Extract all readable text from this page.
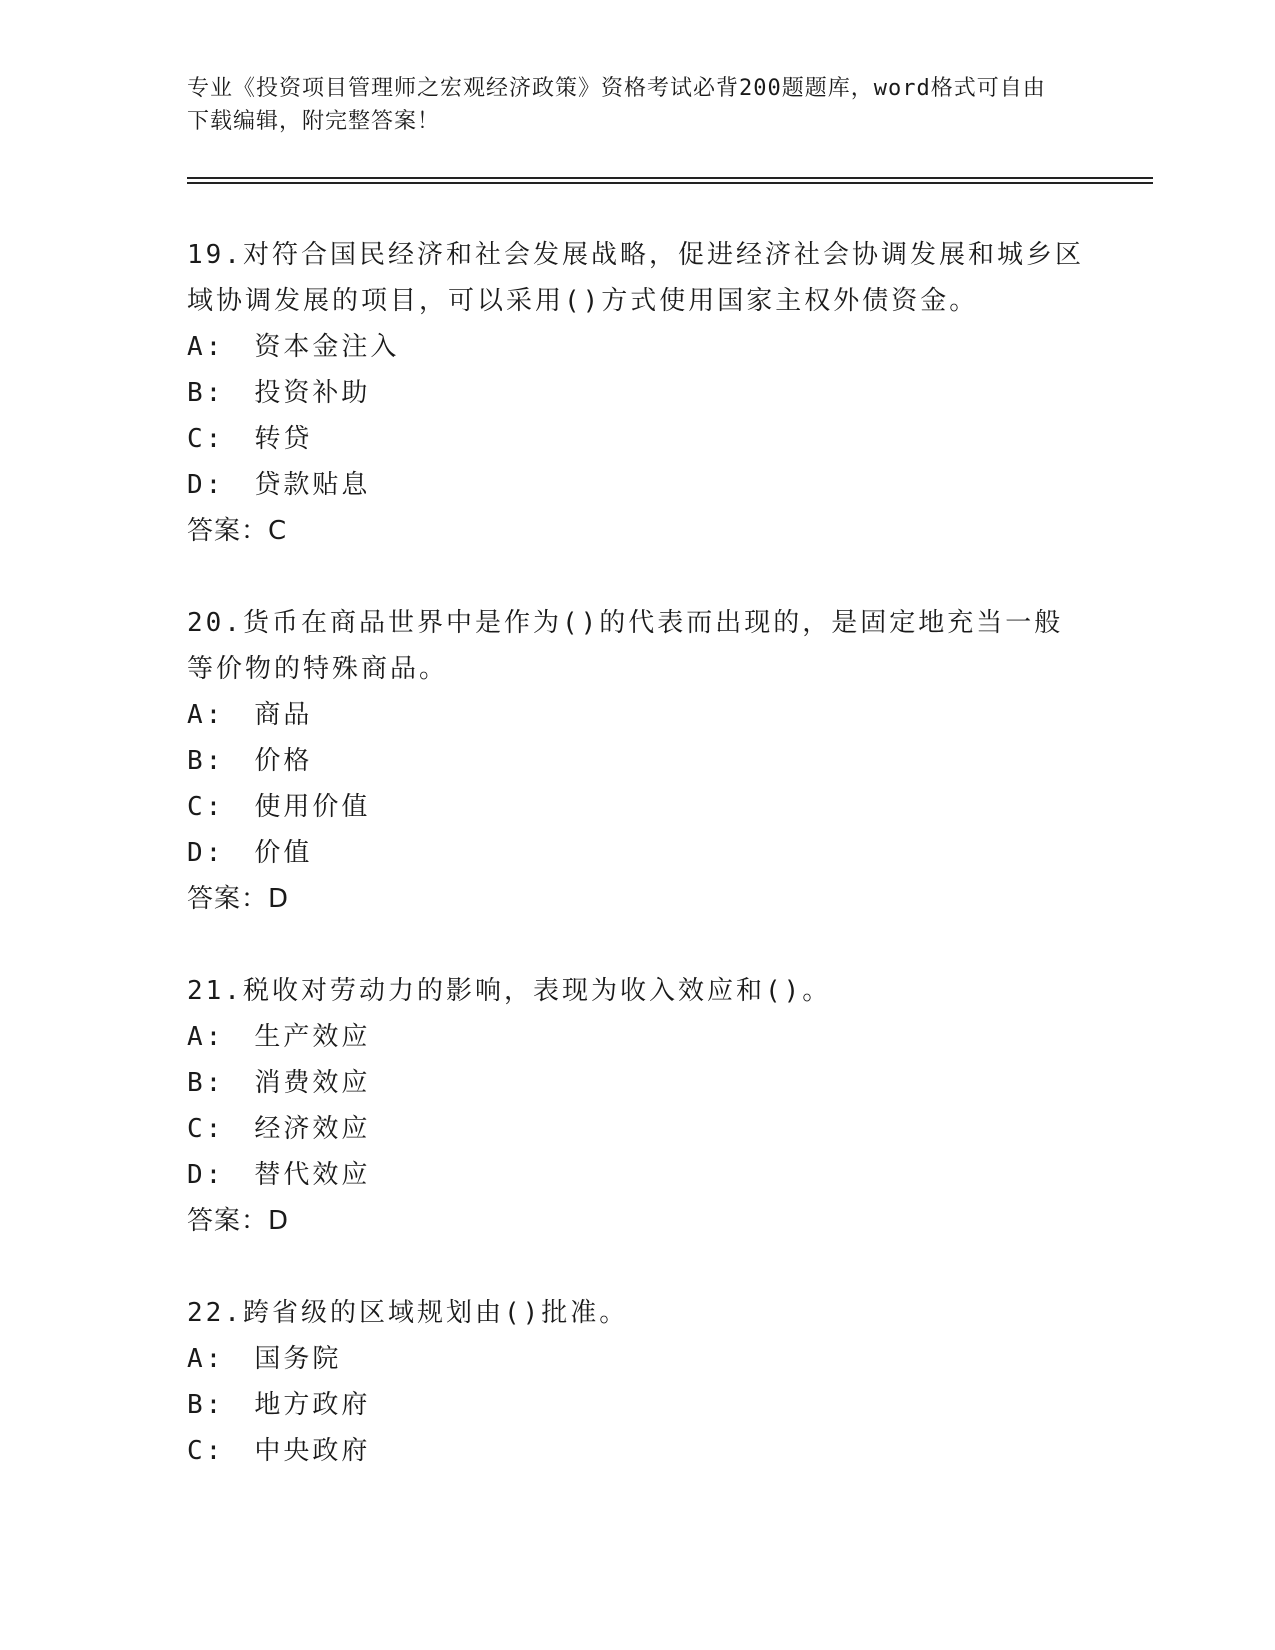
专业《投资项目管理师之宏观经济政策》资格考试必背200题题库，word格式可自由下载编辑，附完整答案！
19.对符合国民经济和社会发展战略，促进经济社会协调发展和城乡区域协调发展的项目，可以采用()方式使用国家主权外债资金。
A: 资本金注入
B: 投资补助
C: 转贷
D: 贷款贴息
答案：C
20.货币在商品世界中是作为()的代表而出现的，是固定地充当一般等价物的特殊商品。
A: 商品
B: 价格
C: 使用价值
D: 价值
答案：D
21.税收对劳动力的影响，表现为收入效应和()。
A: 生产效应
B: 消费效应
C: 经济效应
D: 替代效应
答案：D
22.跨省级的区域规划由()批准。
A: 国务院
B: 地方政府
C: 中央政府
